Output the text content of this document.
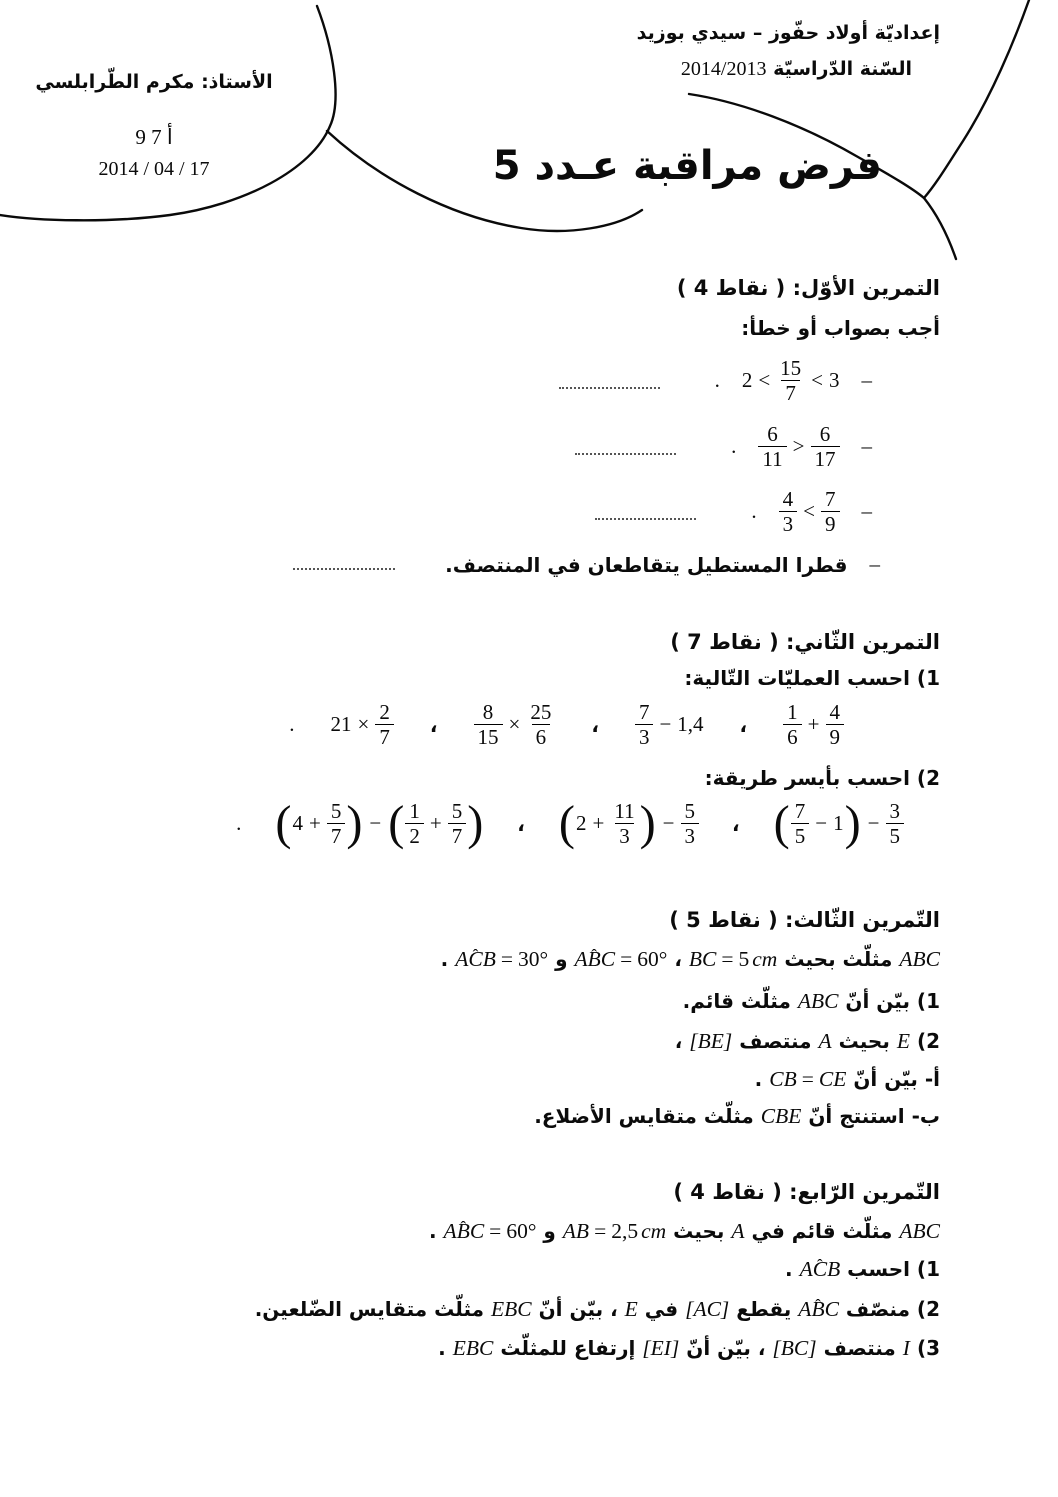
الأستاذ: مكرم الطّرابلسي
9 أ 7
2014 / 04 / 17
إعداديّة أولاد حفّوز – سيدي بوزيد
السّنة الدّراسيّة 2014/2013
فرض مراقبة عـدد 5
التمرين الأوّل: ( 4 نقاط )
أجب بصواب أو خطأ:
–
2 <
15
7
< 3
.
–
6
11
>
6
17
.
–
4
3
<
7
9
.
–
قطرا المستطيل يتقاطعان في المنتصف.
التمرين الثّاني: ( 7 نقاط )
1) احسب العمليّات التّالية:
1
6
+ $\frac{4}{9}$
،
7
3
− 1,4
،
$\frac{8}{15} \times \frac{25}{6}$
،
$21 \times \frac{2}{7}$
.
2) احسب بأيسر طريقة:
( 7
5
− 1 ) − $\frac{3}{5}$
،
( $2 + \frac{11}{3}$ ) − $\frac{5}{3}$
،
( $4 + \frac{5}{7}$ ) − ( 1
2
+ $\frac{5}{7}$ )
.
التّمرين الثّالث: ( 5 نقاط )
ABC مثلّث بحيث BC = 5 cm ، AB ˆC = 60° و AC ˆB = 30° .
1) بيّن أنّ ABC مثلّث قائم.
2) E بحيث A منتصف [BE] ،
أ- بيّن أنّ CB = CE .
ب- استنتج أنّ CBE مثلّث متقايس الأضلاع.
التّمرين الرّابع: ( 4 نقاط )
ABC مثلّث قائم في A بحيث AB = 2,5 cm و AB ˆC = 60° .
1) احسب AC ˆB .
2) منصّف AB ˆC يقطع [AC] في E ، بيّن أنّ EBC مثلّث متقايس الضّلعين.
3) I منتصف [BC] ، بيّن أنّ [EI] إرتفاع للمثلّث EBC .
